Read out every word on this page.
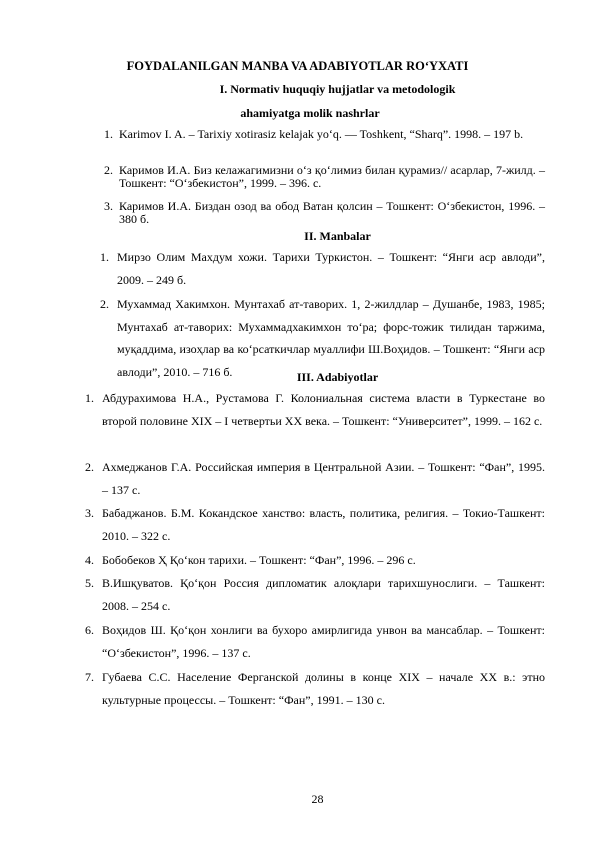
FOYDALANILGAN MANBA VA ADABIYOTLAR RO‘YXATI
I. Normativ huquqiy hujjatlar va metodologik
ahamiyatga molik nashrlar
1. Karimov I. A. – Tarixiy xotirasiz kelajak yo‘q. — Toshkent, “Sharq”. 1998. – 197 b.
2. Каримов И.А. Биз келажагимизни о‘з қо‘лимиз билан қурамиз// асарлар, 7-жилд. – Тошкент: “O‘збекистон”, 1999. – 396. с.
3. Каримов И.А. Биздан озод ва обод Ватан қолсин – Тошкент: O‘збекистон, 1996. – 380 б.
II. Manbalar
1. Мирзо Олим Махдум хожи. Тарихи Туркистон. – Тошкент: “Янги аср авлоди”, 2009. – 249 б.
2. Мухаммад Хакимхон. Мунтахаб ат-таворих. 1, 2-жилдлар – Душанбе, 1983, 1985; Мунтахаб ат-таворих: Мухаммадхакимхон то‘ра; форс-тожик тилидан таржима, муқаддима, изоҳлар ва ко‘рсаткичлар муаллифи Ш.Воҳидов. – Тошкент: “Янги аср авлоди”, 2010. – 716 б.	III. Adabiyotlar
1. Абдурахимова Н.А., Рустамова Г. Колониальная система власти в Туркестане во второй половине XIX – I четвертьи XX века. – Тошкент: “Университет”, 1999. – 162 с.
2. Ахмеджанов Г.А. Российская империя в Центральной Азии. – Тошкент: “Фан”, 1995. – 137 с.
3. Бабаджанов. Б.М. Кокандское ханство: власть, политика, религия. – Токио-Ташкент: 2010. – 322 с.
4. Бобобеков Ҳ Қо‘кон тарихи. – Тошкент: “Фан”, 1996. – 296 с.
5. В.Ишқуватов. Қо‘қон Россия дипломатик алоқлари тарихшунослиги. – Ташкент: 2008. – 254 с.
6. Воҳидов Ш. Қо‘қон хонлиги ва бухоро амирлигида унвон ва мансаблар. – Тошкент: “O‘збекистон”, 1996. – 137 с.
7. Губаева С.С. Население Ферганской долины в конце XIX – начале XX в.: этно культурные процессы. – Тошкент: “Фан”, 1991. – 130 с.
28
